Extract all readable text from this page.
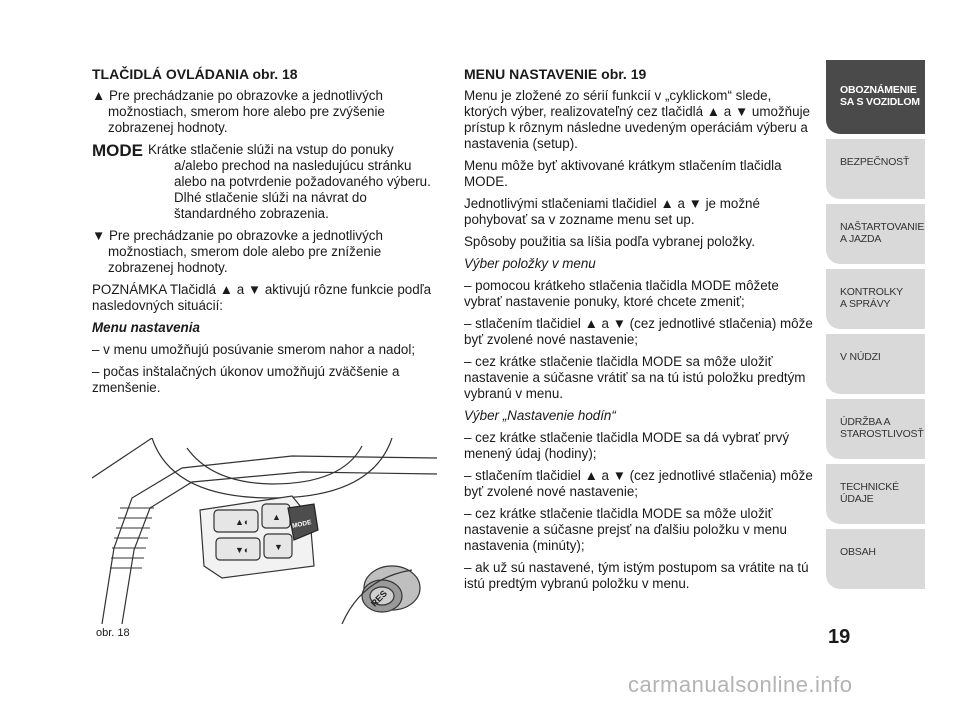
TLAČIDLÁ OVLÁDANIA obr. 18

▲ Pre prechádzanie po obrazovke a jednotlivých možnostiach, smerom hore alebo pre zvýšenie zobrazenej hodnoty.

MODE Krátke stlačenie slúži na vstup do ponuky
a/alebo prechod na nasledujúcu stránku alebo na potvrdenie požadovaného výberu. Dlhé stlačenie slúži na návrat do štandardného zobrazenia.

▼ Pre prechádzanie po obrazovke a jednotlivých možnostiach, smerom dole alebo pre zníženie zobrazenej hodnoty.

POZNÁMKA Tlačidlá ▲ a ▼ aktivujú rôzne funkcie podľa nasledovných situácií:

Menu nastavenia

– v menu umožňujú posúvanie smerom nahor a nadol;

– počas inštalačných úkonov umožňujú zväčšenie a zmenšenie.

▲◐	▲
▼◐	▼
MODE
RES
obr. 18

MENU NASTAVENIE obr. 19

Menu je zložené zo sérií funkcií v „cyklickom“ slede, ktorých výber, realizovateľný cez tlačidlá ▲ a ▼ umožňuje prístup k rôznym následne uvedeným operáciám výberu a nastavenia (setup).

Menu môže byť aktivované krátkym stlačením tlačidla MODE.

Jednotlivými stlačeniami tlačidiel ▲ a ▼ je možné pohybovať sa v zozname menu set up.

Spôsoby použitia sa líšia podľa vybranej položky.

Výber položky v menu

– pomocou krátkeho stlačenia tlačidla MODE môžete vybrať nastavenie ponuky, ktoré chcete zmeniť;

– stlačením tlačidiel ▲ a ▼ (cez jednotlivé stlačenia) môže byť zvolené nové nastavenie;

– cez krátke stlačenie tlačidla MODE sa môže uložiť nastavenie a súčasne vrátiť sa na tú istú položku predtým vybranú v menu.

Výber „Nastavenie hodín“

– cez krátke stlačenie tlačidla MODE sa dá vybrať prvý menený údaj (hodiny);

– stlačením tlačidiel ▲ a ▼ (cez jednotlivé stlačenia) môže byť zvolené nové nastavenie;

– cez krátke stlačenie tlačidla MODE sa môže uložiť nastavenie a súčasne prejsť na ďalšiu položku v menu nastavenia (minúty);

– ak už sú nastavené, tým istým postupom sa vrátite na tú istú predtým vybranú položku v menu.

OBOZNÁMENIE
SA S VOZIDLOM
BEZPEČNOSŤ
NAŠTARTOVANIE
A JAZDA
KONTROLKY
A SPRÁVY
V NÚDZI
ÚDRŽBA A
STAROSTLIVOSŤ
TECHNICKÉ
ÚDAJE
OBSAH
19
carmanualsonline.info
